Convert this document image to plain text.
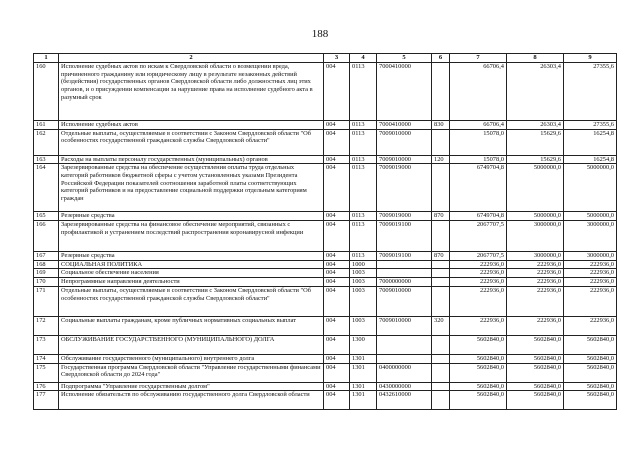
188
1	2	3	4	5	6	7	8	9
160	Исполнение судебных актов по искам к Свердловской области о возмещении вреда, причиненного гражданину или юридическому лицу в результате незаконных действий (бездействия) государственных органов Свердловской области либо должностных лиц этих органов, и о присуждении компенсации за нарушение права на исполнение судебного акта в разумный срок	004	0113	7000410000		66706,4	26303,4	27355,6
161	Исполнение судебных актов	004	0113	7000410000	830	66706,4	26303,4	27355,6
162	Отдельные выплаты, осуществляемые в соответствии с Законом Свердловской области "Об особенностях государственной гражданской службы Свердловской области"	004	0113	7009010000		15078,0	15629,6	16254,8
163	Расходы на выплаты персоналу государственных (муниципальных) органов	004	0113	7009010000	120	15078,0	15629,6	16254,8
164	Зарезервированные средства на обеспечение осуществления оплаты труда отдельных категорий работников бюджетной сферы с учетом установленных указами Президента Российской Федерации показателей соотношения заработной платы соответствующих категорий работников и на предоставление социальной поддержки отдельным категориям граждан	004	0113	7009019000		6749704,8	5000000,0	5000000,0
165	Резервные средства	004	0113	7009019000	870	6749704,8	5000000,0	5000000,0
166	Зарезервированные средства на финансовое обеспечение мероприятий, связанных с профилактикой и устранением последствий распространения коронавирусной инфекции	004	0113	7009019100		2067707,5	3000000,0	3000000,0
167	Резервные средства	004	0113	7009019100	870	2067707,5	3000000,0	3000000,0
168	СОЦИАЛЬНАЯ ПОЛИТИКА	004	1000			222936,0	222936,0	222936,0
169	Социальное обеспечение населения	004	1003			222936,0	222936,0	222936,0
170	Непрограммные направления деятельности	004	1003	7000000000		222936,0	222936,0	222936,0
171	Отдельные выплаты, осуществляемые в соответствии с Законом Свердловской области "Об особенностях государственной гражданской службы Свердловской области"	004	1003	7009010000		222936,0	222936,0	222936,0
172	Социальные выплаты гражданам, кроме публичных нормативных социальных выплат	004	1003	7009010000	320	222936,0	222936,0	222936,0
173	ОБСЛУЖИВАНИЕ ГОСУДАРСТВЕННОГО (МУНИЦИПАЛЬНОГО) ДОЛГА	004	1300			5602840,0	5602840,0	5602840,0
174	Обслуживание государственного (муниципального) внутреннего долга	004	1301			5602840,0	5602840,0	5602840,0
175	Государственная программа Свердловской области "Управление государственными финансами Свердловской области до 2024 года"	004	1301	0400000000		5602840,0	5602840,0	5602840,0
176	Подпрограмма "Управление государственным долгом"	004	1301	0430000000		5602840,0	5602840,0	5602840,0
177	Исполнение обязательств по обслуживанию государственного долга Свердловской области	004	1301	0432610000		5602840,0	5602840,0	5602840,0
